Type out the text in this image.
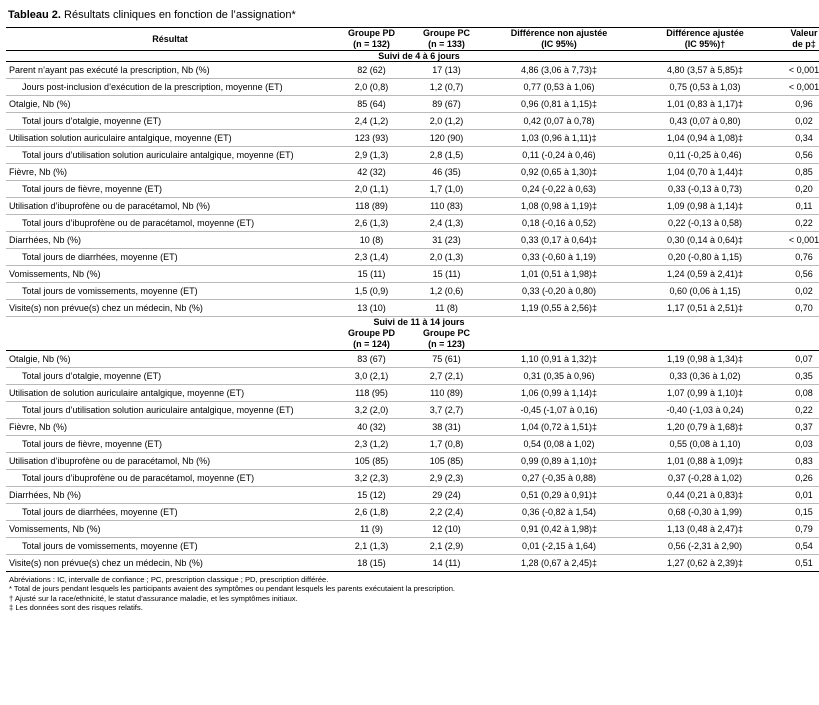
Tableau 2. Résultats cliniques en fonction de l’assignation*
Résultat	
Groupe PD
(n = 132)

Groupe PC
(n = 133)

Différence non ajustée
(IC 95%)

Différence ajustée
(IC 95%)†

Valeur
de p‡

Suivi de 4 à 6 jours					
Parent n’ayant pas exécuté la prescription, Nb (%)	82 (62)	17 (13)	4,86 (3,06 à 7,73)‡	4,80 (3,57 à 5,85)‡	< 0,001
Jours post-inclusion d’exécution de la prescription, moyenne (ET)	2,0 (0,8)	1,2 (0,7)	0,77 (0,53 à 1,06)	0,75 (0,53 à 1,03)	< 0,001
Otalgie, Nb (%)	85 (64)	89 (67)	0,96 (0,81 à 1,15)‡	1,01 (0,83 à 1,17)‡	0,96
Total jours d’otalgie, moyenne (ET)	2,4 (1,2)	2,0 (1,2)	0,42 (0,07 à 0,78)	0,43 (0,07 à 0,80)	0,02
Utilisation solution auriculaire antalgique, moyenne (ET)	123 (93)	120 (90)	1,03 (0,96 à 1,11)‡	1,04 (0,94 à 1,08)‡	0,34
Total jours d’utilisation solution auriculaire antalgique, moyenne (ET)	2,9 (1,3)	2,8 (1,5)	0,11 (-0,24 à 0,46)	0,11 (-0,25 à 0,46)	0,56
Fièvre, Nb (%)	42 (32)	46 (35)	0,92 (0,65 à 1,30)‡	1,04 (0,70 à 1,44)‡	0,85
Total jours de fièvre, moyenne (ET)	2,0 (1,1)	1,7 (1,0)	0,24 (-0,22 à 0,63)	0,33 (-0,13 à 0,73)	0,20
Utilisation d’ibuprofène ou de paracétamol, Nb (%)	118 (89)	110 (83)	1,08 (0,98 à 1,19)‡	1,09 (0,98 à 1,14)‡	0,11
Total jours d’ibuprofène ou de paracétamol, moyenne (ET)	2,6 (1,3)	2,4 (1,3)	0,18 (-0,16 à 0,52)	0,22 (-0,13 à 0,58)	0,22
Diarrhées, Nb (%)	10 (8)	31 (23)	0,33 (0,17 à 0,64)‡	0,30 (0,14 à 0,64)‡	< 0,001
Total jours de diarrhées, moyenne (ET)	2,3 (1,4)	2,0 (1,3)	0,33 (-0,60 à 1,19)	0,20 (-0,80 à 1,15)	0,76
Vomissements, Nb (%)	15 (11)	15 (11)	1,01 (0,51 à 1,98)‡	1,24 (0,59 à 2,41)‡	0,56
Total jours de vomissements, moyenne (ET)	1,5 (0,9)	1,2 (0,6)	0,33 (-0,20 à 0,80)	0,60 (0,06 à 1,15)	0,02
Visite(s) non prévue(s) chez un médecin, Nb (%)	13 (10)	11 (8)	1,19 (0,55 à 2,56)‡	1,17 (0,51 à 2,51)‡	0,70
Suivi de 11 à 14 jours					

Groupe PD
(n = 124)

Groupe PC
(n = 123)

Otalgie, Nb (%)	83 (67)	75 (61)	1,10 (0,91 à 1,32)‡	1,19 (0,98 à 1,34)‡	0,07
Total jours d’otalgie, moyenne (ET)	3,0 (2,1)	2,7 (2,1)	0,31 (0,35 à 0,96)	0,33 (0,36 à 1,02)	0,35
Utilisation de solution auriculaire antalgique, moyenne (ET)	118 (95)	110 (89)	1,06 (0,99 à 1,14)‡	1,07 (0,99 à 1,10)‡	0,08
Total jours d’utilisation solution auriculaire antalgique, moyenne (ET)	3,2 (2,0)	3,7 (2,7)	-0,45 (-1,07 à 0,16)	-0,40 (-1,03 à 0,24)	0,22
Fièvre, Nb (%)	40 (32)	38 (31)	1,04 (0,72 à 1,51)‡	1,20 (0,79 à 1,68)‡	0,37
Total jours de fièvre, moyenne (ET)	2,3 (1,2)	1,7 (0,8)	0,54 (0,08 à 1,02)	0,55 (0,08 à 1,10)	0,03
Utilisation d’ibuprofène ou de paracétamol, Nb (%)	105 (85)	105 (85)	0,99 (0,89 à 1,10)‡	1,01 (0,88 à 1,09)‡	0,83
Total jours d’ibuprofène ou de paracétamol, moyenne (ET)	3,2 (2,3)	2,9 (2,3)	0,27 (-0,35 à 0,88)	0,37 (-0,28 à 1,02)	0,26
Diarrhées, Nb (%)	15 (12)	29 (24)	0,51 (0,29 à 0,91)‡	0,44 (0,21 à 0,83)‡	0,01
Total jours de diarrhées, moyenne (ET)	2,6 (1,8)	2,2 (2,4)	0,36 (-0,82 à 1,54)	0,68 (-0,30 à 1,99)	0,15
Vomissements, Nb (%)	11 (9)	12 (10)	0,91 (0,42 à 1,98)‡	1,13 (0,48 à 2,47)‡	0,79
Total jours de vomissements, moyenne (ET)	2,1 (1,3)	2,1 (2,9)	0,01 (-2,15 à 1,64)	0,56 (-2,31 à 2,90)	0,54
Visite(s) non prévue(s) chez un médecin, Nb (%)	18 (15)	14 (11)	1,28 (0,67 à 2,45)‡	1,27 (0,62 à 2,39)‡	0,51

Abréviations : IC, intervalle de confiance ; PC, prescription classique ; PD, prescription différée.
* Total de jours pendant lesquels les participants avaient des symptômes ou pendant lesquels les parents exécutaient la prescription.
† Ajusté sur la race/ethnicité, le statut d’assurance maladie, et les symptômes initiaux.
‡ Les données sont des risques relatifs.
